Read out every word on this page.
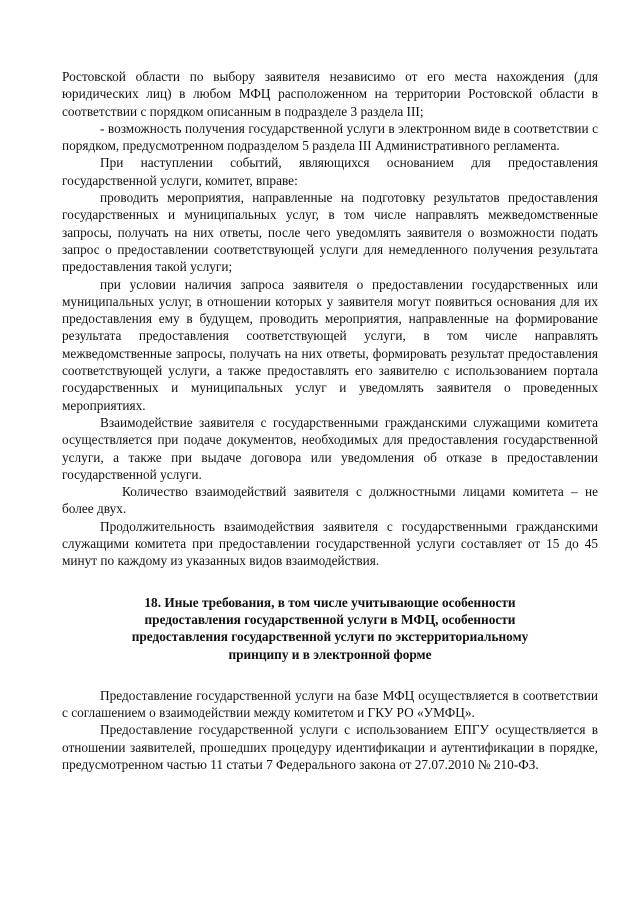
Ростовской области по выбору заявителя независимо от его места нахождения (для юридических лиц) в любом МФЦ расположенном на территории Ростовской области в соответствии с порядком описанным в подразделе 3 раздела III;

- возможность получения государственной услуги в электронном виде в соответствии с порядком, предусмотренном подразделом 5 раздела III Административного регламента.

При наступлении событий, являющихся основанием для предоставления государственной услуги, комитет, вправе:

проводить мероприятия, направленные на подготовку результатов предоставления государственных и муниципальных услуг, в том числе направлять межведомственные запросы, получать на них ответы, после чего уведомлять заявителя о возможности подать запрос о предоставлении соответствующей услуги для немедленного получения результата предоставления такой услуги;

при условии наличия запроса заявителя о предоставлении государственных или муниципальных услуг, в отношении которых у заявителя могут появиться основания для их предоставления ему в будущем, проводить мероприятия, направленные на формирование результата предоставления соответствующей услуги, в том числе направлять межведомственные запросы, получать на них ответы, формировать результат предоставления соответствующей услуги, а также предоставлять его заявителю с использованием портала государственных и муниципальных услуг и уведомлять заявителя о проведенных мероприятиях.

Взаимодействие заявителя с государственными гражданскими служащими комитета осуществляется при подаче документов, необходимых для предоставления государственной услуги, а также при выдаче договора или уведомления об отказе в предоставлении государственной услуги.

Количество взаимодействий заявителя с должностными лицами комитета – не более двух.

Продолжительность взаимодействия заявителя с государственными гражданскими служащими комитета при предоставлении государственной услуги составляет от 15 до 45 минут по каждому из указанных видов взаимодействия.

18. Иные требования, в том числе учитывающие особенности предоставления государственной услуги в МФЦ, особенности предоставления государственной услуги по экстерриториальному принципу и в электронной форме

Предоставление государственной услуги на базе МФЦ осуществляется в соответствии с соглашением о взаимодействии между комитетом и ГКУ РО «УМФЦ».

Предоставление государственной услуги с использованием ЕПГУ осуществляется в отношении заявителей, прошедших процедуру идентификации и аутентификации в порядке, предусмотренном частью 11 статьи 7 Федерального закона от 27.07.2010 № 210-ФЗ.
